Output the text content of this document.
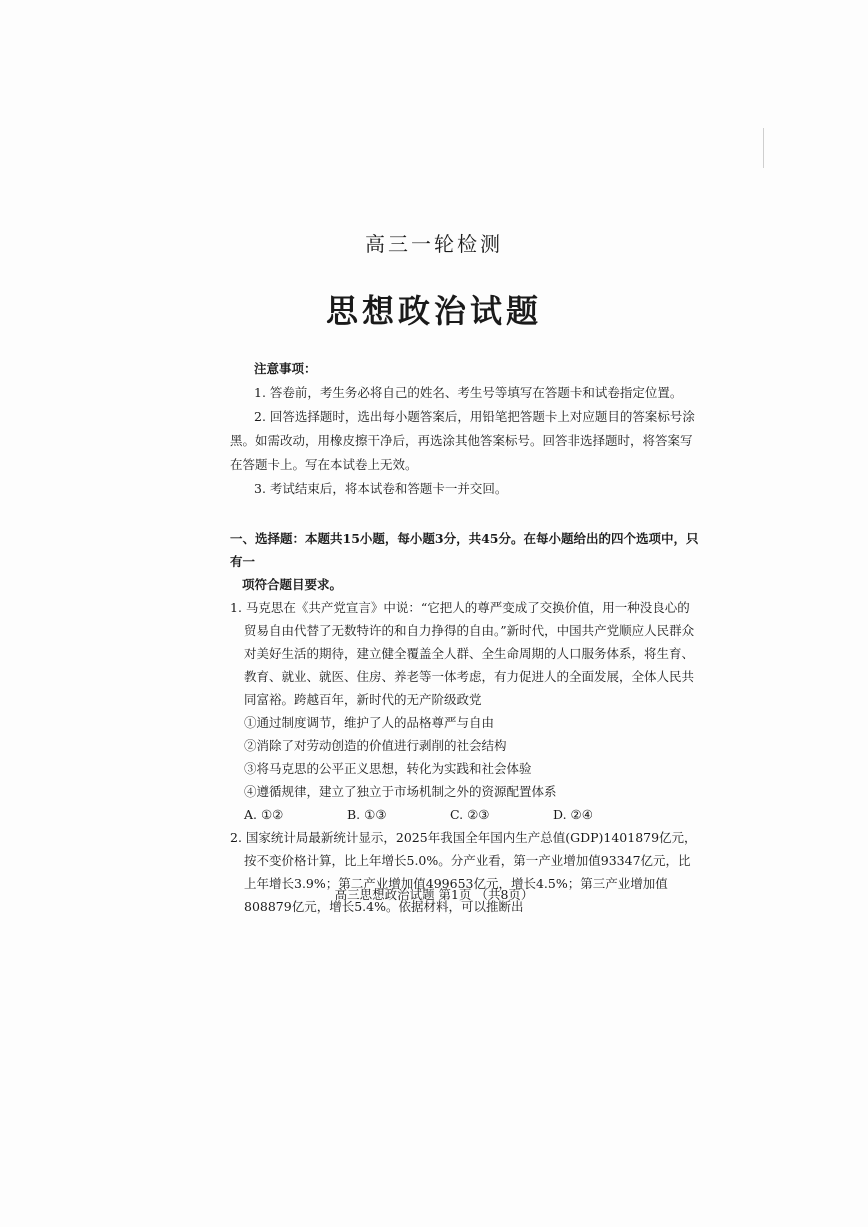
高三一轮检测
思想政治试题
注意事项：
1. 答卷前，考生务必将自己的姓名、考生号等填写在答题卡和试卷指定位置。
2. 回答选择题时，选出每小题答案后，用铅笔把答题卡上对应题目的答案标号涂黑。如需改动，用橡皮擦干净后，再选涂其他答案标号。回答非选择题时，将答案写在答题卡上。写在本试卷上无效。
3. 考试结束后，将本试卷和答题卡一并交回。
一、选择题：本题共15小题，每小题3分，共45分。在每小题给出的四个选项中，只有一
项符合题目要求。
1. 马克思在《共产党宣言》中说：“它把人的尊严变成了交换价值，用一种没良心的贸易自由代替了无数特许的和自力挣得的自由。”新时代，中国共产党顺应人民群众对美好生活的期待，建立健全覆盖全人群、全生命周期的人口服务体系，将生育、教育、就业、就医、住房、养老等一体考虑，有力促进人的全面发展，全体人民共同富裕。跨越百年，新时代的无产阶级政党
①通过制度调节，维护了人的品格尊严与自由
②消除了对劳动创造的价值进行剥削的社会结构
③将马克思的公平正义思想，转化为实践和社会体验
④遵循规律，建立了独立于市场机制之外的资源配置体系
A. ①②	B. ①③	C. ②③	D. ②④
2. 国家统计局最新统计显示，2025年我国全年国内生产总值(GDP)1401879亿元，按不变价格计算，比上年增长5.0%。分产业看，第一产业增加值93347亿元，比上年增长3.9%；第二产业增加值499653亿元，增长4.5%；第三产业增加值808879亿元，增长5.4%。依据材料，可以推断出
高三思想政治试题 第1页 （共8页）
